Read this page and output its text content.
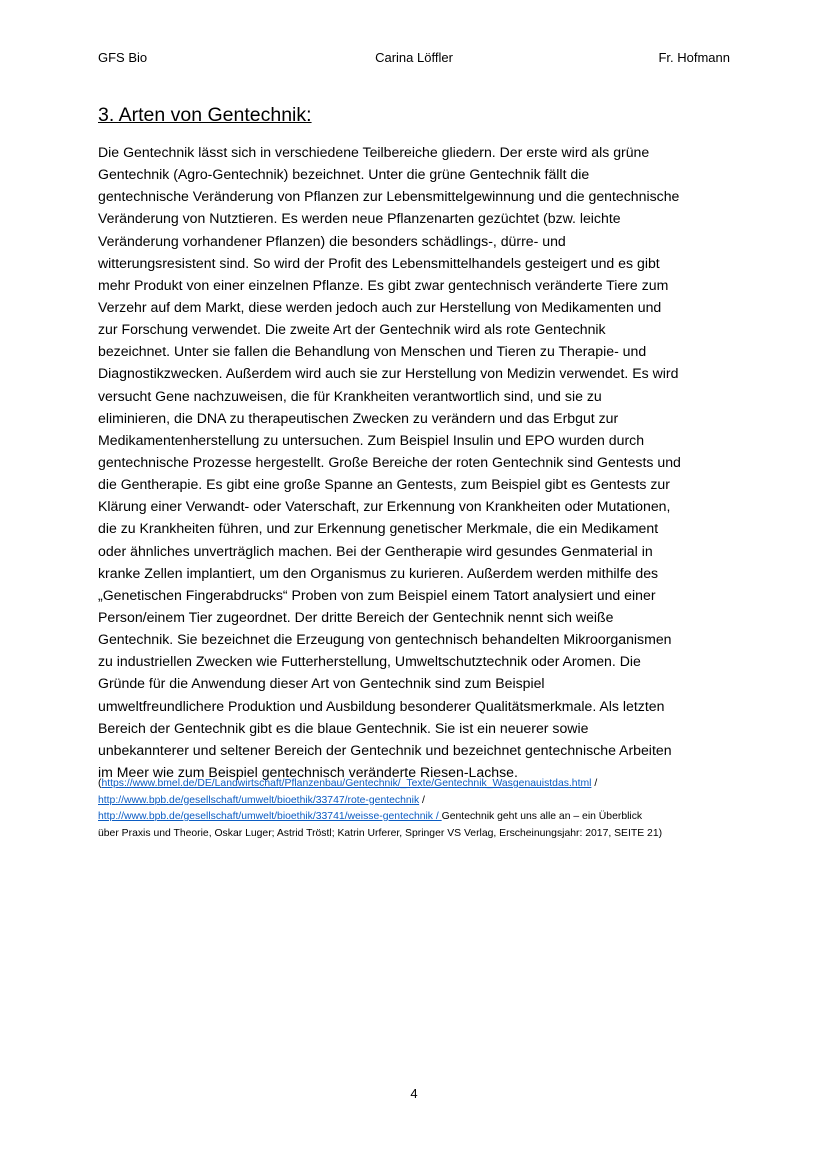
GFS Bio	Carina Löffler	Fr. Hofmann
3. Arten von Gentechnik:
Die Gentechnik lässt sich in verschiedene Teilbereiche gliedern. Der erste wird als grüne
Gentechnik (Agro-Gentechnik) bezeichnet. Unter die grüne Gentechnik fällt die
gentechnische Veränderung von Pflanzen zur Lebensmittelgewinnung und die gentechnische
Veränderung von Nutztieren. Es werden neue Pflanzenarten gezüchtet (bzw. leichte
Veränderung vorhandener Pflanzen) die besonders schädlings-, dürre- und
witterungsresistent sind. So wird der Profit des Lebensmittelhandels gesteigert und es gibt
mehr Produkt von einer einzelnen Pflanze. Es gibt zwar gentechnisch veränderte Tiere zum
Verzehr auf dem Markt, diese werden jedoch auch zur Herstellung von Medikamenten und
zur Forschung verwendet. Die zweite Art der Gentechnik wird als rote Gentechnik
bezeichnet. Unter sie fallen die Behandlung von Menschen und Tieren zu Therapie- und
Diagnostikzwecken. Außerdem wird auch sie zur Herstellung von Medizin verwendet. Es wird
versucht Gene nachzuweisen, die für Krankheiten verantwortlich sind, und sie zu
eliminieren, die DNA zu therapeutischen Zwecken zu verändern und das Erbgut zur
Medikamentenherstellung zu untersuchen. Zum Beispiel Insulin und EPO wurden durch
gentechnische Prozesse hergestellt. Große Bereiche der roten Gentechnik sind Gentests und
die Gentherapie. Es gibt eine große Spanne an Gentests, zum Beispiel gibt es Gentests zur
Klärung einer Verwandt- oder Vaterschaft, zur Erkennung von Krankheiten oder Mutationen,
die zu Krankheiten führen, und zur Erkennung genetischer Merkmale, die ein Medikament
oder ähnliches unverträglich machen. Bei der Gentherapie wird gesundes Genmaterial in
kranke Zellen implantiert, um den Organismus zu kurieren. Außerdem werden mithilfe des
„Genetischen Fingerabdrucks“ Proben von zum Beispiel einem Tatort analysiert und einer
Person/einem Tier zugeordnet. Der dritte Bereich der Gentechnik nennt sich weiße
Gentechnik. Sie bezeichnet die Erzeugung von gentechnisch behandelten Mikroorganismen
zu industriellen Zwecken wie Futterherstellung, Umweltschutztechnik oder Aromen. Die
Gründe für die Anwendung dieser Art von Gentechnik sind zum Beispiel
umweltfreundlichere Produktion und Ausbildung besonderer Qualitätsmerkmale. Als letzten
Bereich der Gentechnik gibt es die blaue Gentechnik. Sie ist ein neuerer sowie
unbekannterer und seltener Bereich der Gentechnik und bezeichnet gentechnische Arbeiten
im Meer wie zum Beispiel gentechnisch veränderte Riesen-Lachse.
(https://www.bmel.de/DE/Landwirtschaft/Pflanzenbau/Gentechnik/_Texte/Gentechnik_Wasgenauistdas.html /
http://www.bpb.de/gesellschaft/umwelt/bioethik/33747/rote-gentechnik /
http://www.bpb.de/gesellschaft/umwelt/bioethik/33741/weisse-gentechnik / Gentechnik geht uns alle an – ein Überblick
über Praxis und Theorie, Oskar Luger; Astrid Tröstl; Katrin Urferer, Springer VS Verlag, Erscheinungsjahr: 2017, SEITE 21)
4
